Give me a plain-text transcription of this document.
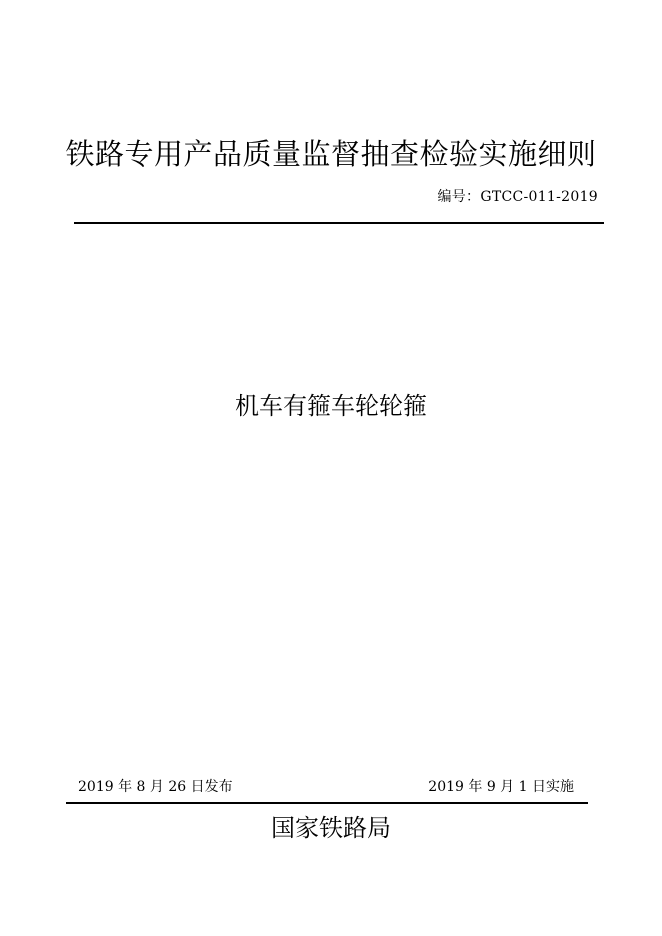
铁路专用产品质量监督抽查检验实施细则
编号：GTCC-011-2019
机车有箍车轮轮箍
2019 年 8 月 26 日发布	2019 年 9 月 1 日实施
国家铁路局
